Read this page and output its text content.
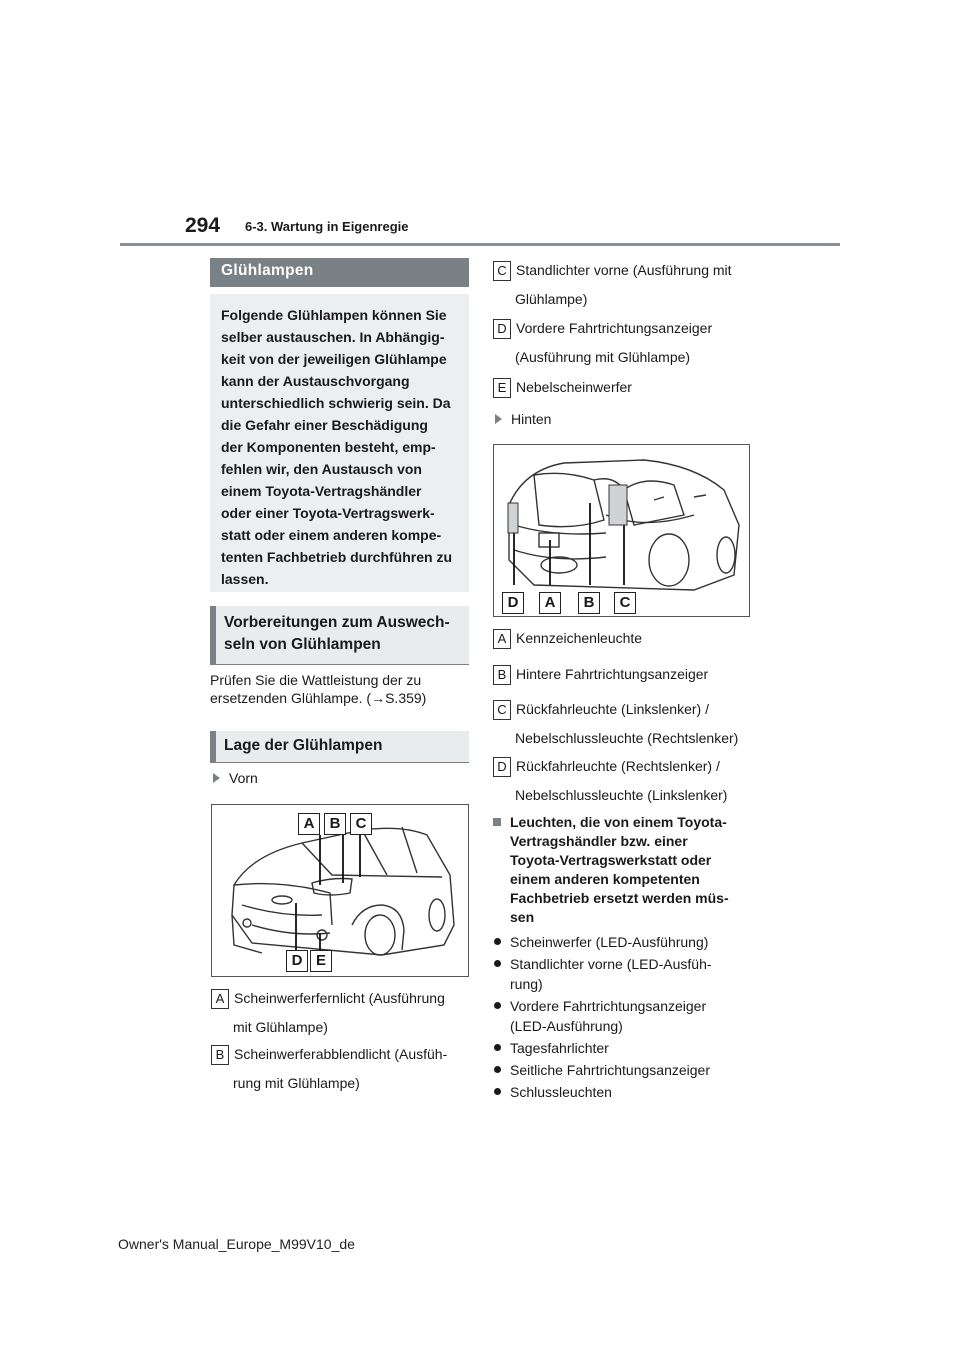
294 6-3. Wartung in Eigenregie
Glühlampen

Folgende Glühlampen können Sie

selber austauschen. In Abhängig-

keit von der jeweiligen Glühlampe

kann der Austauschvorgang

unterschiedlich schwierig sein. Da

die Gefahr einer Beschädigung

der Komponenten besteht, emp-

fehlen wir, den Austausch von

einem Toyota-Vertragshändler

oder einer Toyota-Vertragswerk-

statt oder einem anderen kompe-

tenten Fachbetrieb durchführen zu

lassen.

Vorbereitungen zum Auswech-
seln von Glühlampen
Prüfen Sie die Wattleistung der zu
ersetzenden Glühlampe. (→S.359)
Lage der Glühlampen
Vorn
A	B	C
D E
A Scheinwerferfernlicht (Ausführung
mit Glühlampe)
B Scheinwerferabblendlicht (Ausfüh-
rung mit Glühlampe)
C Standlichter vorne (Ausführung mit
Glühlampe)
D Vordere Fahrtrichtungsanzeiger
(Ausführung mit Glühlampe)
E Nebelscheinwerfer
Hinten
D	A	B	C
A Kennzeichenleuchte
B Hintere Fahrtrichtungsanzeiger
C Rückfahrleuchte (Linkslenker) /
Nebelschlussleuchte (Rechtslenker)
D Rückfahrleuchte (Rechtslenker) /
Nebelschlussleuchte (Linkslenker)
Leuchten, die von einem Toyota-
Vertragshändler bzw. einer
Toyota-Vertragswerkstatt oder
einem anderen kompetenten
Fachbetrieb ersetzt werden müs-
sen
Scheinwerfer (LED-Ausführung)
Standlichter vorne (LED-Ausfüh-
rung)
Vordere Fahrtrichtungsanzeiger
(LED-Ausführung)
Tagesfahrlichter
Seitliche Fahrtrichtungsanzeiger
Schlussleuchten
Owner's Manual_Europe_M99V10_de
